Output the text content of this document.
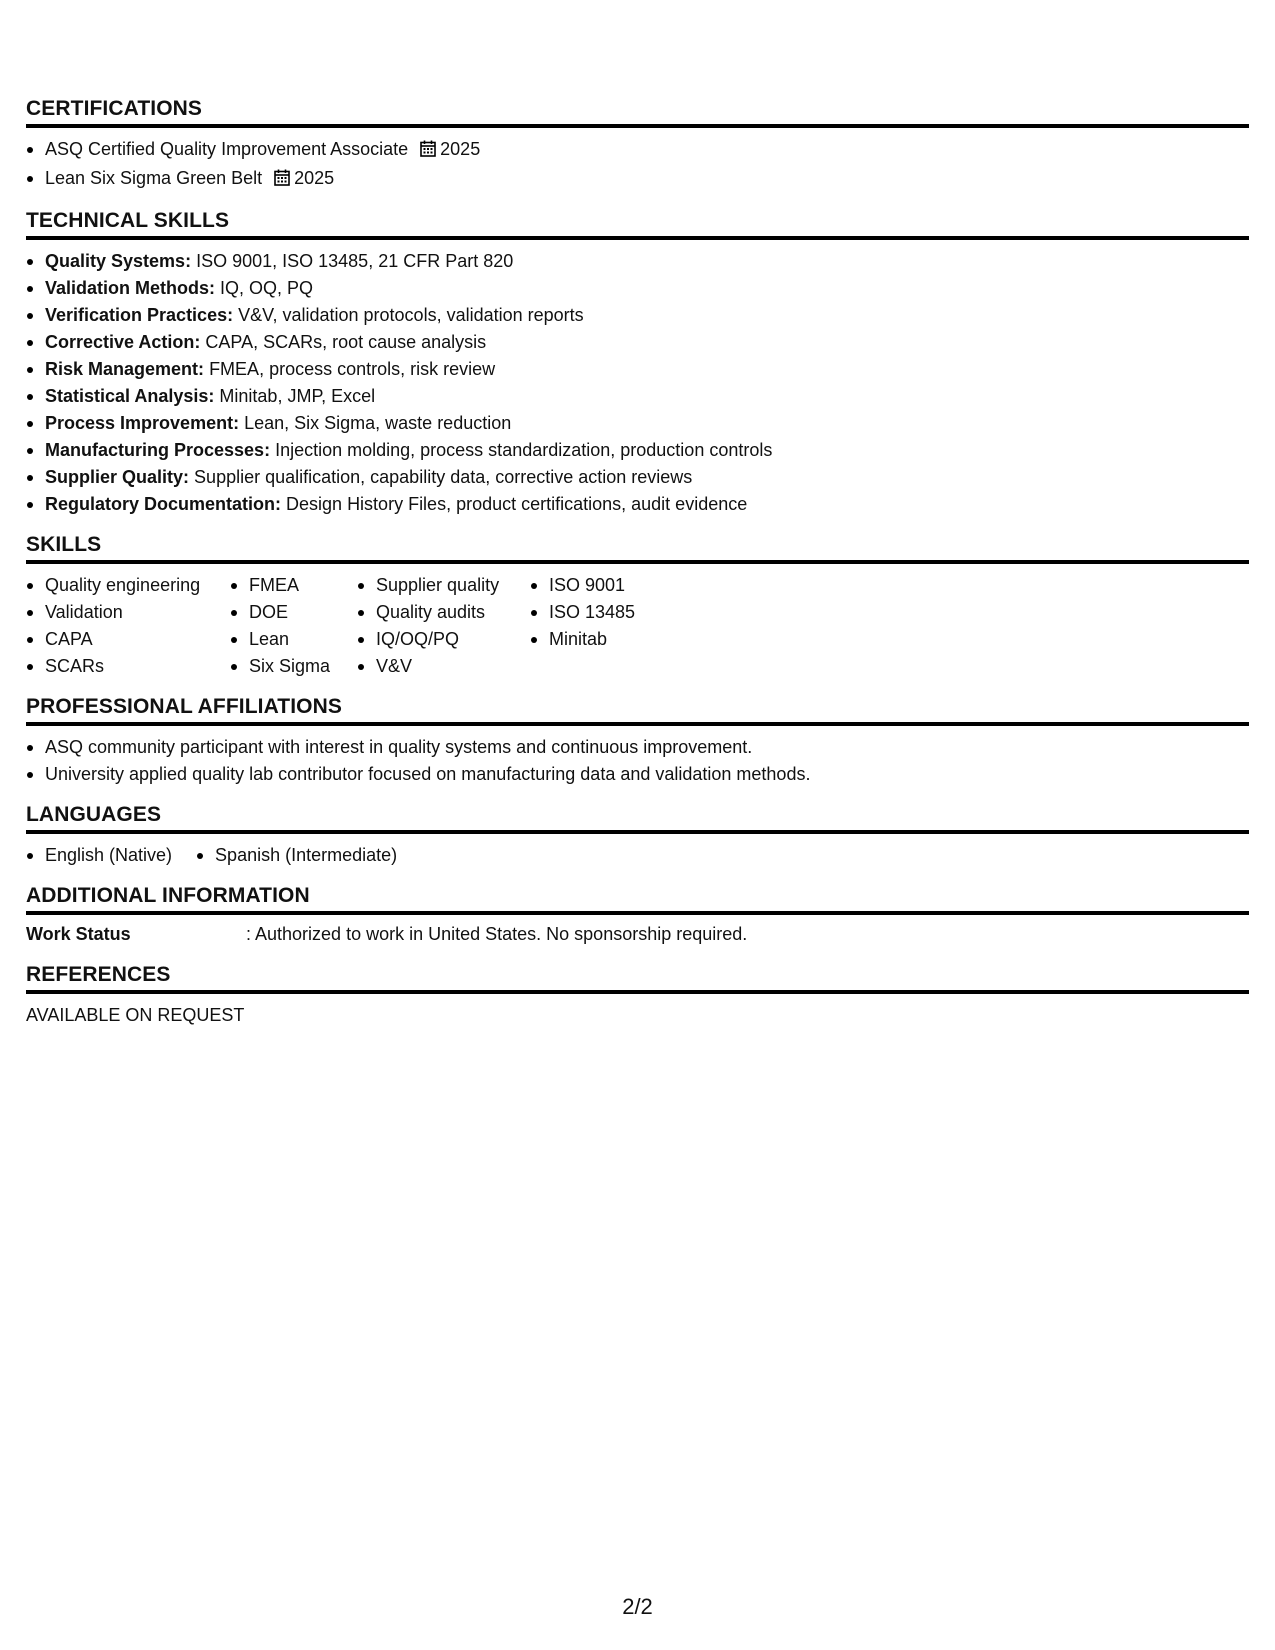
CERTIFICATIONS
ASQ Certified Quality Improvement Associate 2025
Lean Six Sigma Green Belt 2025
TECHNICAL SKILLS
Quality Systems: ISO 9001, ISO 13485, 21 CFR Part 820
Validation Methods: IQ, OQ, PQ
Verification Practices: V&V, validation protocols, validation reports
Corrective Action: CAPA, SCARs, root cause analysis
Risk Management: FMEA, process controls, risk review
Statistical Analysis: Minitab, JMP, Excel
Process Improvement: Lean, Six Sigma, waste reduction
Manufacturing Processes: Injection molding, process standardization, production controls
Supplier Quality: Supplier qualification, capability data, corrective action reviews
Regulatory Documentation: Design History Files, product certifications, audit evidence
SKILLS
Quality engineering
Validation
CAPA
SCARs
FMEA
DOE
Lean
Six Sigma
Supplier quality
Quality audits
IQ/OQ/PQ
V&V
ISO 9001
ISO 13485
Minitab
PROFESSIONAL AFFILIATIONS
ASQ community participant with interest in quality systems and continuous improvement.
University applied quality lab contributor focused on manufacturing data and validation methods.
LANGUAGES
English (Native)	Spanish (Intermediate)
ADDITIONAL INFORMATION
Work Status	: Authorized to work in United States. No sponsorship required.
REFERENCES
AVAILABLE ON REQUEST
2/2
